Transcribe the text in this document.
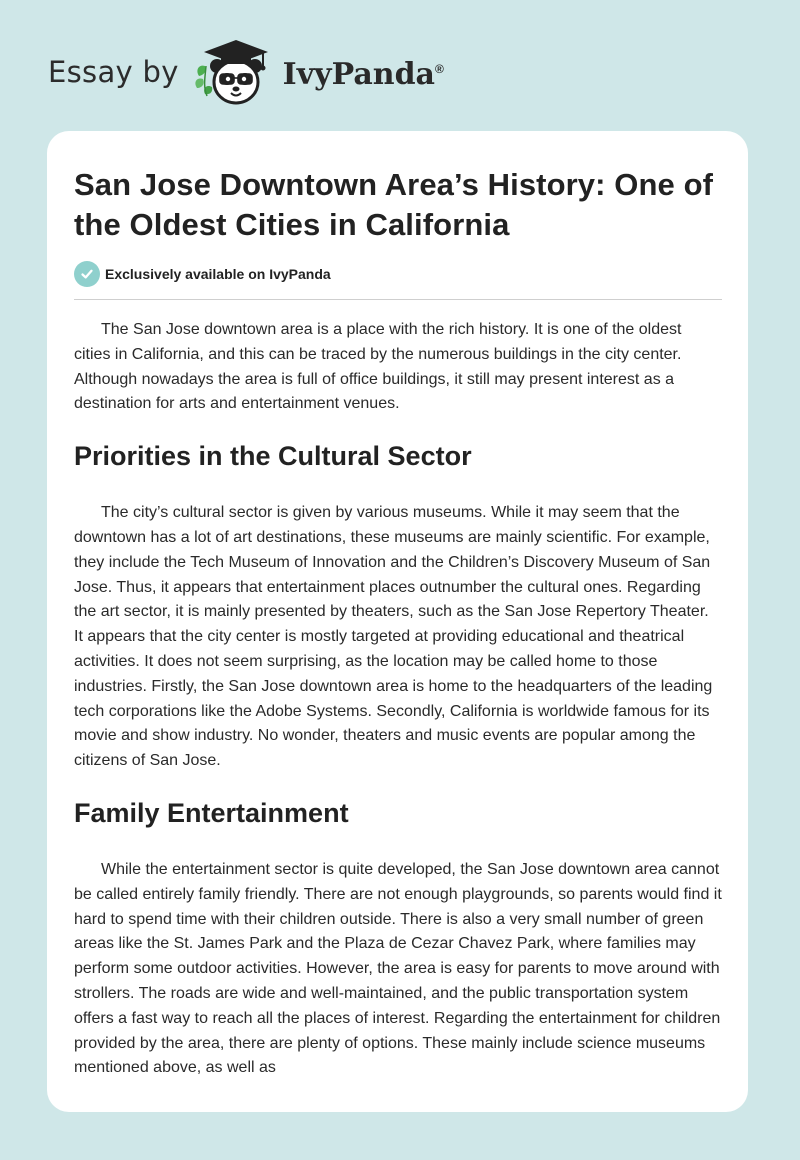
Essay by	IvyPanda®
San Jose Downtown Area’s History: One of the Oldest Cities in California
Exclusively available on IvyPanda

The San Jose downtown area is a place with the rich history. It is one of the oldest cities in California, and this can be traced by the numerous buildings in the city center. Although nowadays the area is full of office buildings, it still may present interest as a destination for arts and entertainment venues.

Priorities in the Cultural Sector

The city’s cultural sector is given by various museums. While it may seem that the downtown has a lot of art destinations, these museums are mainly scientific. For example, they include the Tech Museum of Innovation and the Children’s Discovery Museum of San Jose. Thus, it appears that entertainment places outnumber the cultural ones. Regarding the art sector, it is mainly presented by theaters, such as the San Jose Repertory Theater. It appears that the city center is mostly targeted at providing educational and theatrical activities. It does not seem surprising, as the location may be called home to those industries. Firstly, the San Jose downtown area is home to the headquarters of the leading tech corporations like the Adobe Systems. Secondly, California is worldwide famous for its movie and show industry. No wonder, theaters and music events are popular among the citizens of San Jose.

Family Entertainment

While the entertainment sector is quite developed, the San Jose downtown area cannot be called entirely family friendly. There are not enough playgrounds, so parents would find it hard to spend time with their children outside. There is also a very small number of green areas like the St. James Park and the Plaza de Cezar Chavez Park, where families may perform some outdoor activities. However, the area is easy for parents to move around with strollers. The roads are wide and well-maintained, and the public transportation system offers a fast way to reach all the places of interest. Regarding the entertainment for children provided by the area, there are plenty of options. These mainly include science museums mentioned above, as well as
